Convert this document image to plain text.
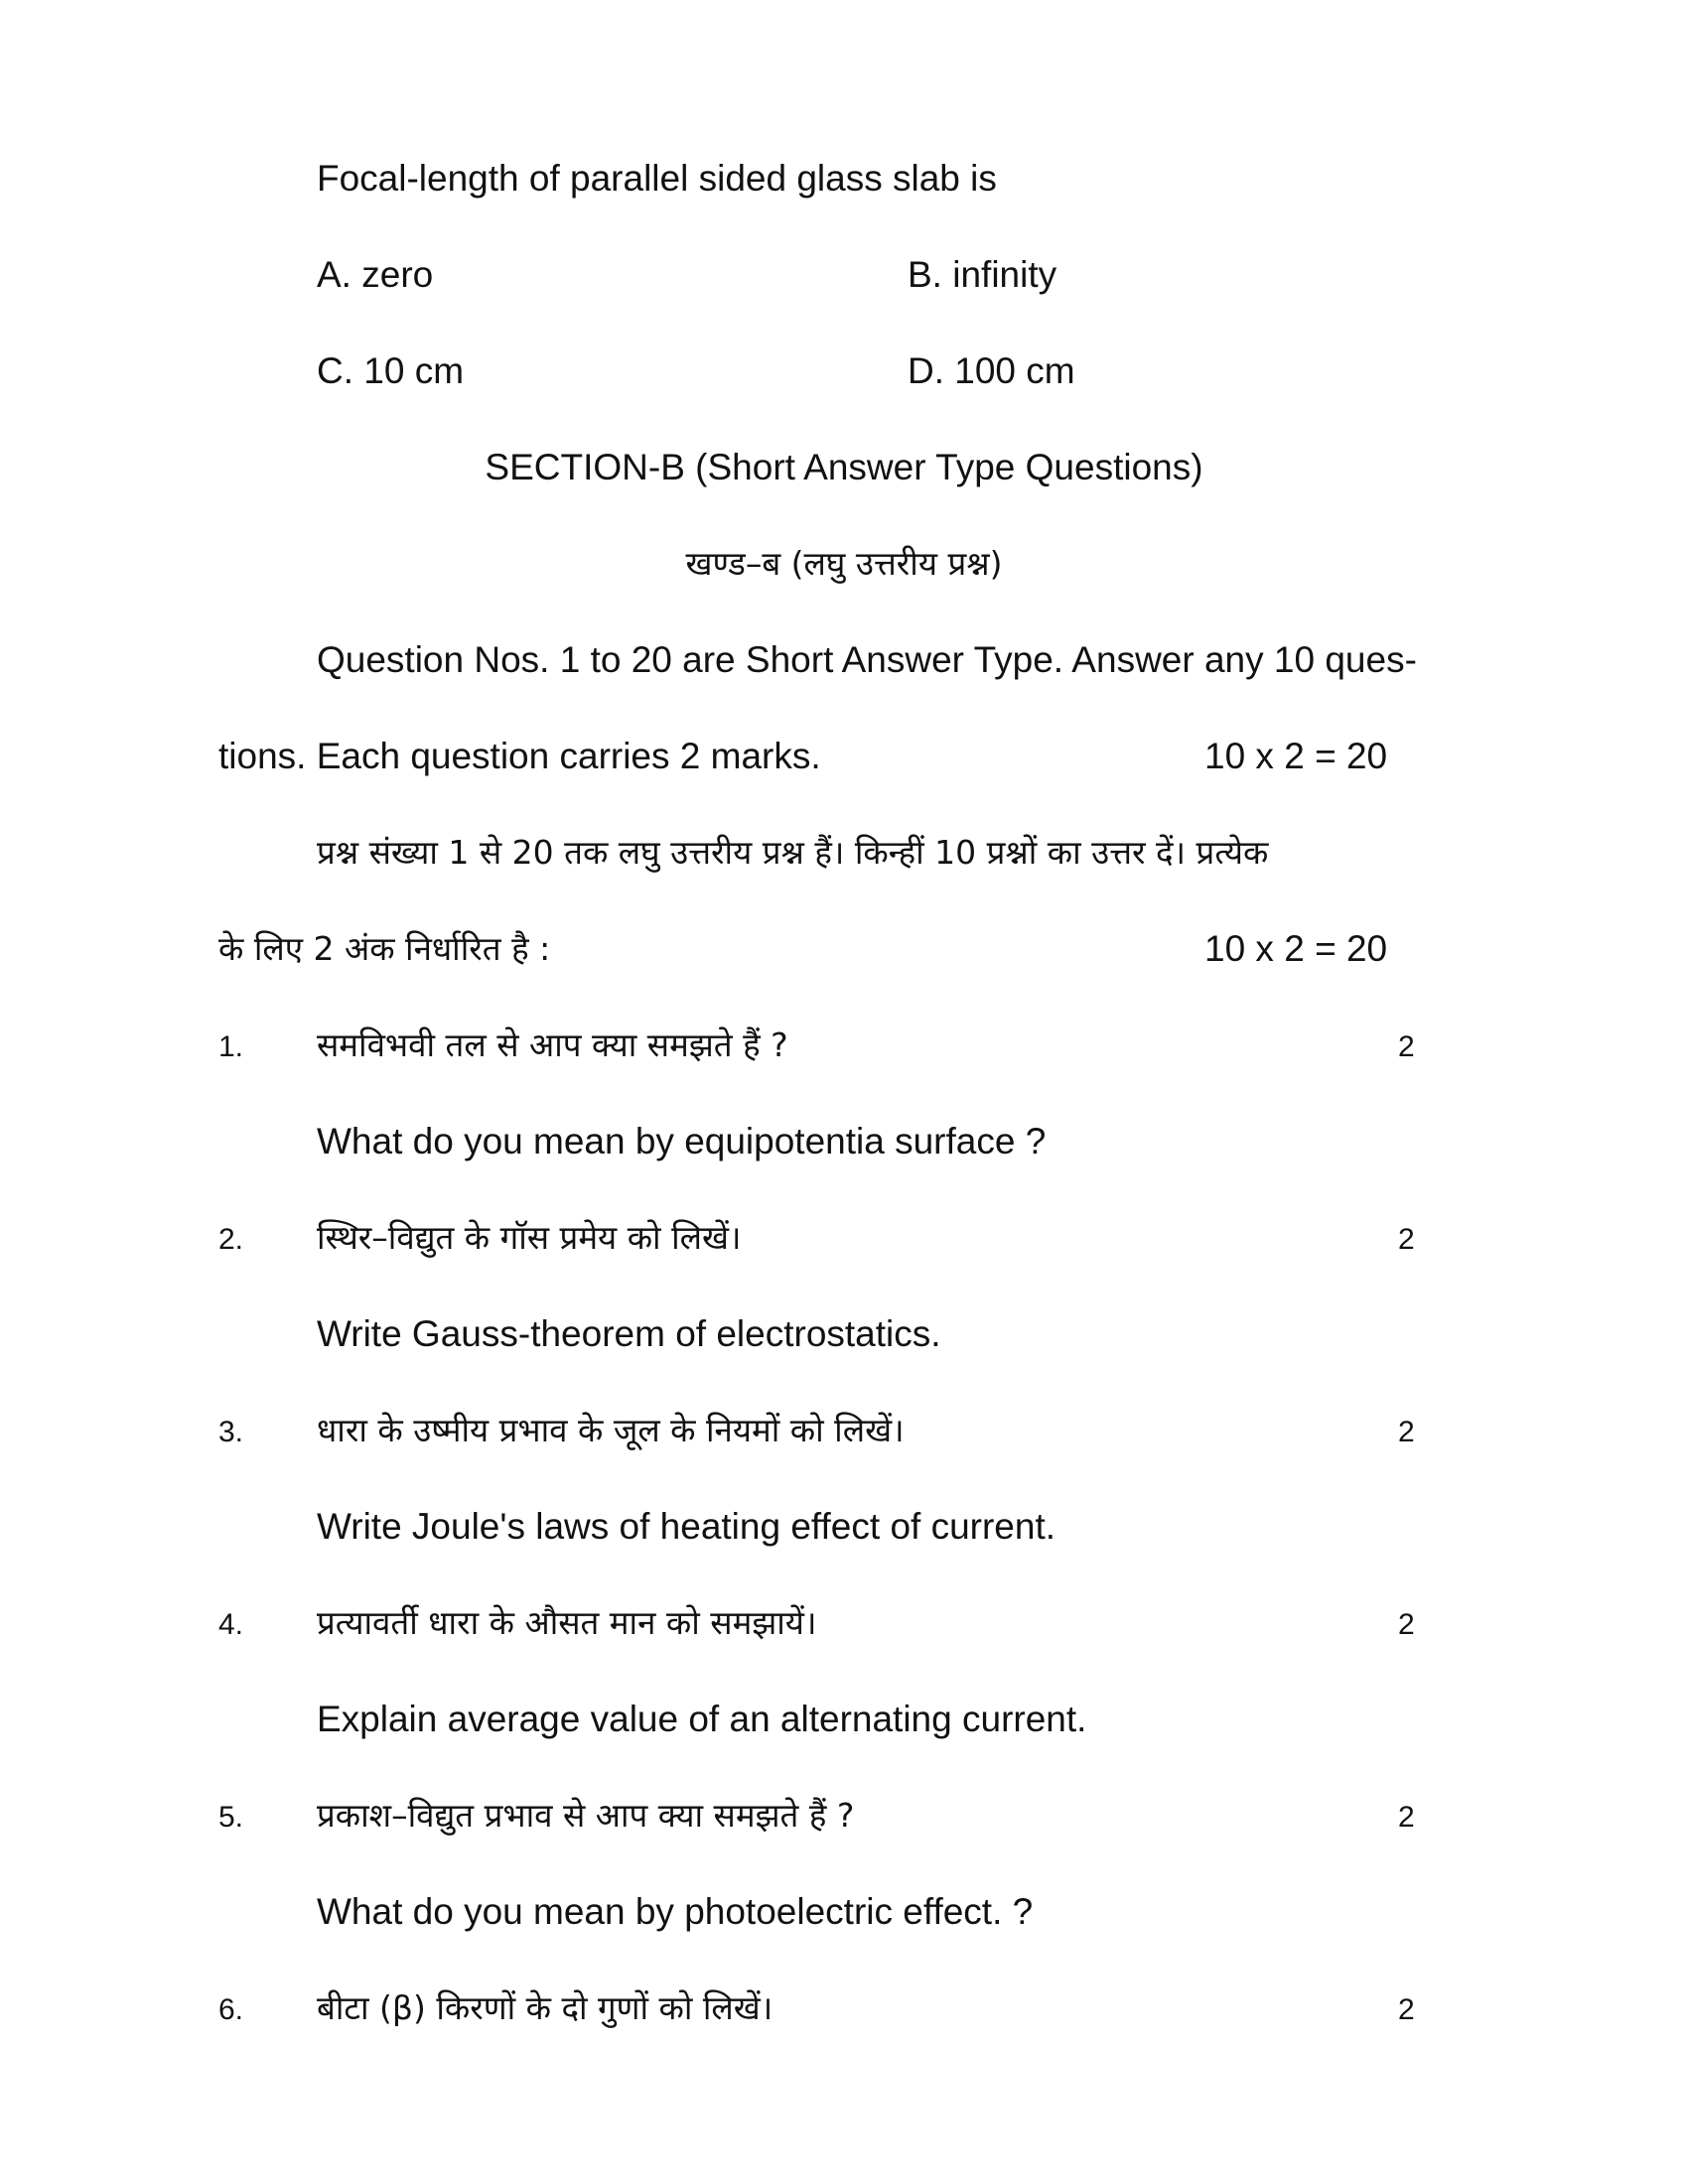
Focal-length of parallel sided glass slab is
A. zero	B. infinity
C. 10 cm	D. 100 cm
SECTION-B (Short Answer Type Questions)
खण्ड–ब (लघु उत्तरीय प्रश्न)
Question Nos. 1 to 20 are Short Answer Type. Answer any 10 ques-
tions. Each question carries 2 marks.	10 x 2 = 20
प्रश्न संख्या 1 से 20 तक लघु उत्तरीय प्रश्न हैं। किन्हीं 10 प्रश्नों का उत्तर दें। प्रत्येक
के लिए 2 अंक निर्धारित है :	10 x 2 = 20
1. समविभवी तल से आप क्या समझते हैं ?	2
What do you mean by equipotentia surface ?
2. स्थिर–विद्युत के गॉस प्रमेय को लिखें।	2
Write Gauss-theorem of electrostatics.
3. धारा के उष्मीय प्रभाव के जूल के नियमों को लिखें।	2
Write Joule's laws of heating effect of current.
4. प्रत्यावर्ती धारा के औसत मान को समझायें।	2
Explain average value of an alternating current.
5. प्रकाश–विद्युत प्रभाव से आप क्या समझते हैं ?	2
What do you mean by photoelectric effect. ?
6. बीटा (β) किरणों के दो गुणों को लिखें।	2
